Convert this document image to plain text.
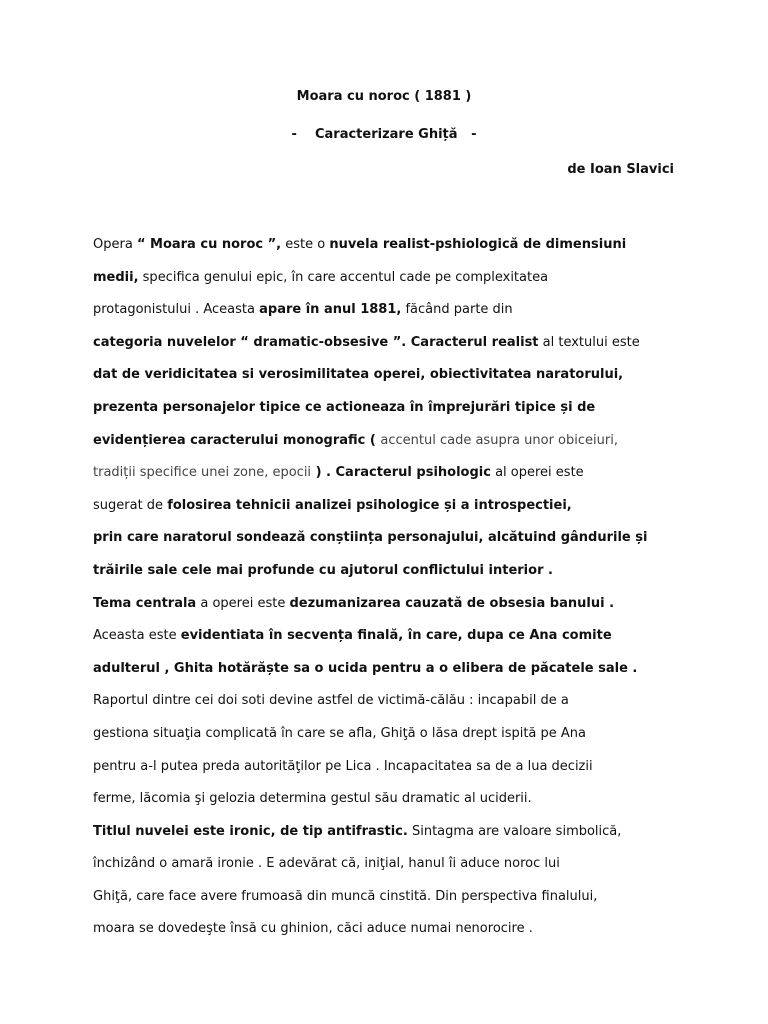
Moara cu noroc ( 1881 )
-    Caracterizare Ghiță   -
de Ioan Slavici
Opera “ Moara cu noroc ”, este o nuvela realist-pshiologică de dimensiuni
medii, specifica genului epic, în care accentul cade pe complexitatea
protagonistului . Aceasta apare în anul 1881, făcând parte din
categoria nuvelelor “ dramatic-obsesive ”. Caracterul realist al textului este
dat de veridicitatea si verosimilitatea operei, obiectivitatea naratorului,
prezenta personajelor tipice ce actioneaza în împrejurări tipice și de
evidențierea caracterului monografic ( accentul cade asupra unor obiceiuri,
tradiții specifice unei zone, epocii ) . Caracterul psihologic al operei este
sugerat de folosirea tehnicii analizei psihologice și a introspectiei,
prin care naratorul sondează conștiința personajului, alcătuind gândurile și
trăirile sale cele mai profunde cu ajutorul conflictului interior .
Tema centrala a operei este dezumanizarea cauzată de obsesia banului .
Aceasta este evidentiata în secvența finală, în care, dupa ce Ana comite
adulterul , Ghita hotărăște sa o ucida pentru a o elibera de păcatele sale .
Raportul dintre cei doi soti devine astfel de victimă-călău : incapabil de a
gestiona situaţia complicată în care se afla, Ghiţă o lăsa drept ispită pe Ana
pentru a-l putea preda autorităţilor pe Lica . Incapacitatea sa de a lua decizii
ferme, lăcomia şi gelozia determina gestul său dramatic al uciderii.
Titlul nuvelei este ironic, de tip antifrastic. Sintagma are valoare simbolică,
închizând o amară ironie . E adevărat că, iniţial, hanul îi aduce noroc lui
Ghiţă, care face avere frumoasă din muncă cinstită. Din perspectiva finalului,
moara se dovedeşte însă cu ghinion, căci aduce numai nenorocire .
